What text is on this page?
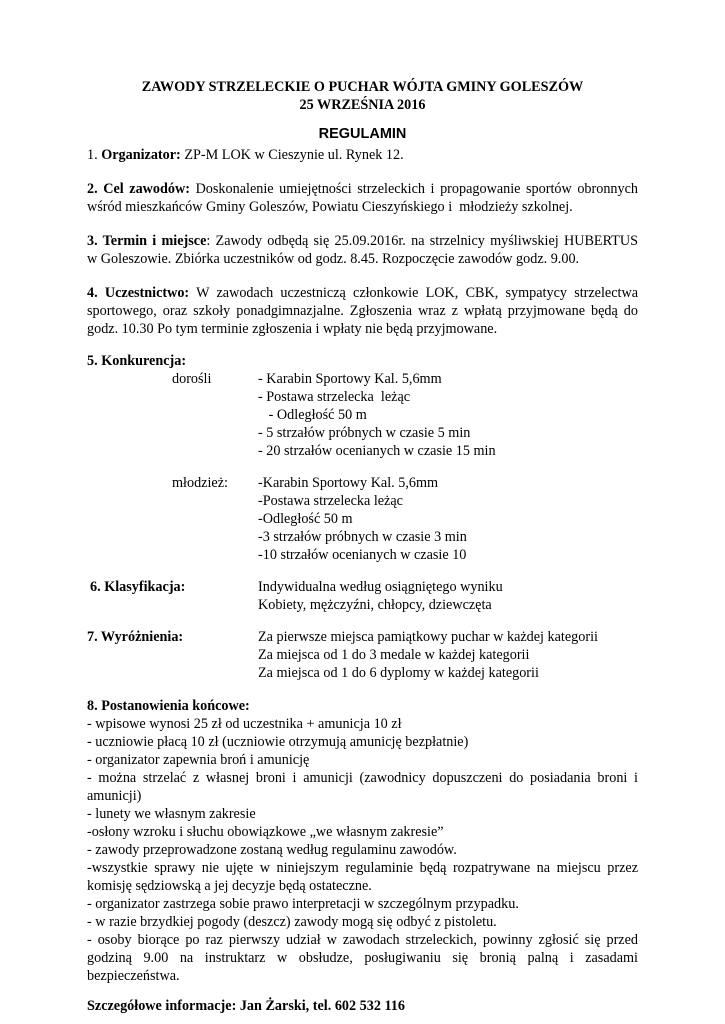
ZAWODY STRZELECKIE O PUCHAR WÓJTA GMINY GOLESZÓW
25 WRZEŚNIA 2016
REGULAMIN
1. Organizator: ZP-M LOK w Cieszynie ul. Rynek 12.
2. Cel zawodów: Doskonalenie umiejętności strzeleckich i propagowanie sportów obronnych
wśród mieszkańców Gminy Goleszów, Powiatu Cieszyńskiego i  młodzieży szkolnej.
3. Termin i miejsce: Zawody odbędą się 25.09.2016r. na strzelnicy myśliwskiej HUBERTUS
w Goleszowie. Zbiórka uczestników od godz. 8.45. Rozpoczęcie zawodów godz. 9.00.
4. Uczestnictwo: W zawodach uczestniczą członkowie LOK, CBK, sympatycy strzelectwa
sportowego, oraz szkoły ponadgimnazjalne. Zgłoszenia wraz z wpłatą przyjmowane będą do
godz. 10.30 Po tym terminie zgłoszenia i wpłaty nie będą przyjmowane.
5. Konkurencja:
dorośli	- Karabin Sportowy Kal. 5,6mm
- Postawa strzelecka  leżąc
- Odległość 50 m
- 5 strzałów próbnych w czasie 5 min
- 20 strzałów ocenianych w czasie 15 min
młodzież: -Karabin Sportowy Kal. 5,6mm
-Postawa strzelecka leżąc
-Odległość 50 m
-3 strzałów próbnych w czasie 3 min
-10 strzałów ocenianych w czasie 10
6. Klasyfikacja:	Indywidualna według osiągniętego wyniku
Kobiety, mężczyźni, chłopcy, dziewczęta
7. Wyróżnienia:	Za pierwsze miejsca pamiątkowy puchar w każdej kategorii
Za miejsca od 1 do 3 medale w każdej kategorii
Za miejsca od 1 do 6 dyplomy w każdej kategorii
8. Postanowienia końcowe:
- wpisowe wynosi 25 zł od uczestnika + amunicja 10 zł
- uczniowie płacą 10 zł (uczniowie otrzymują amunicję bezpłatnie)
- organizator zapewnia broń i amunicję
- można strzelać z własnej broni i amunicji (zawodnicy dopuszczeni do posiadania broni i
amunicji)
- lunety we własnym zakresie
-osłony wzroku i słuchu obowiązkowe „we własnym zakresie”
- zawody przeprowadzone zostaną według regulaminu zawodów.
-wszystkie sprawy nie ujęte w niniejszym regulaminie będą rozpatrywane na miejscu przez
komisję sędziowską a jej decyzje będą ostateczne.
- organizator zastrzega sobie prawo interpretacji w szczególnym przypadku.
- w razie brzydkiej pogody (deszcz) zawody mogą się odbyć z pistoletu.
- osoby biorące po raz pierwszy udział w zawodach strzeleckich, powinny zgłosić się przed
godziną 9.00 na instruktarz w obsłudze, posługiwaniu się bronią palną i zasadami
bezpieczeństwa.
Szczegółowe informacje: Jan Żarski, tel. 602 532 116
